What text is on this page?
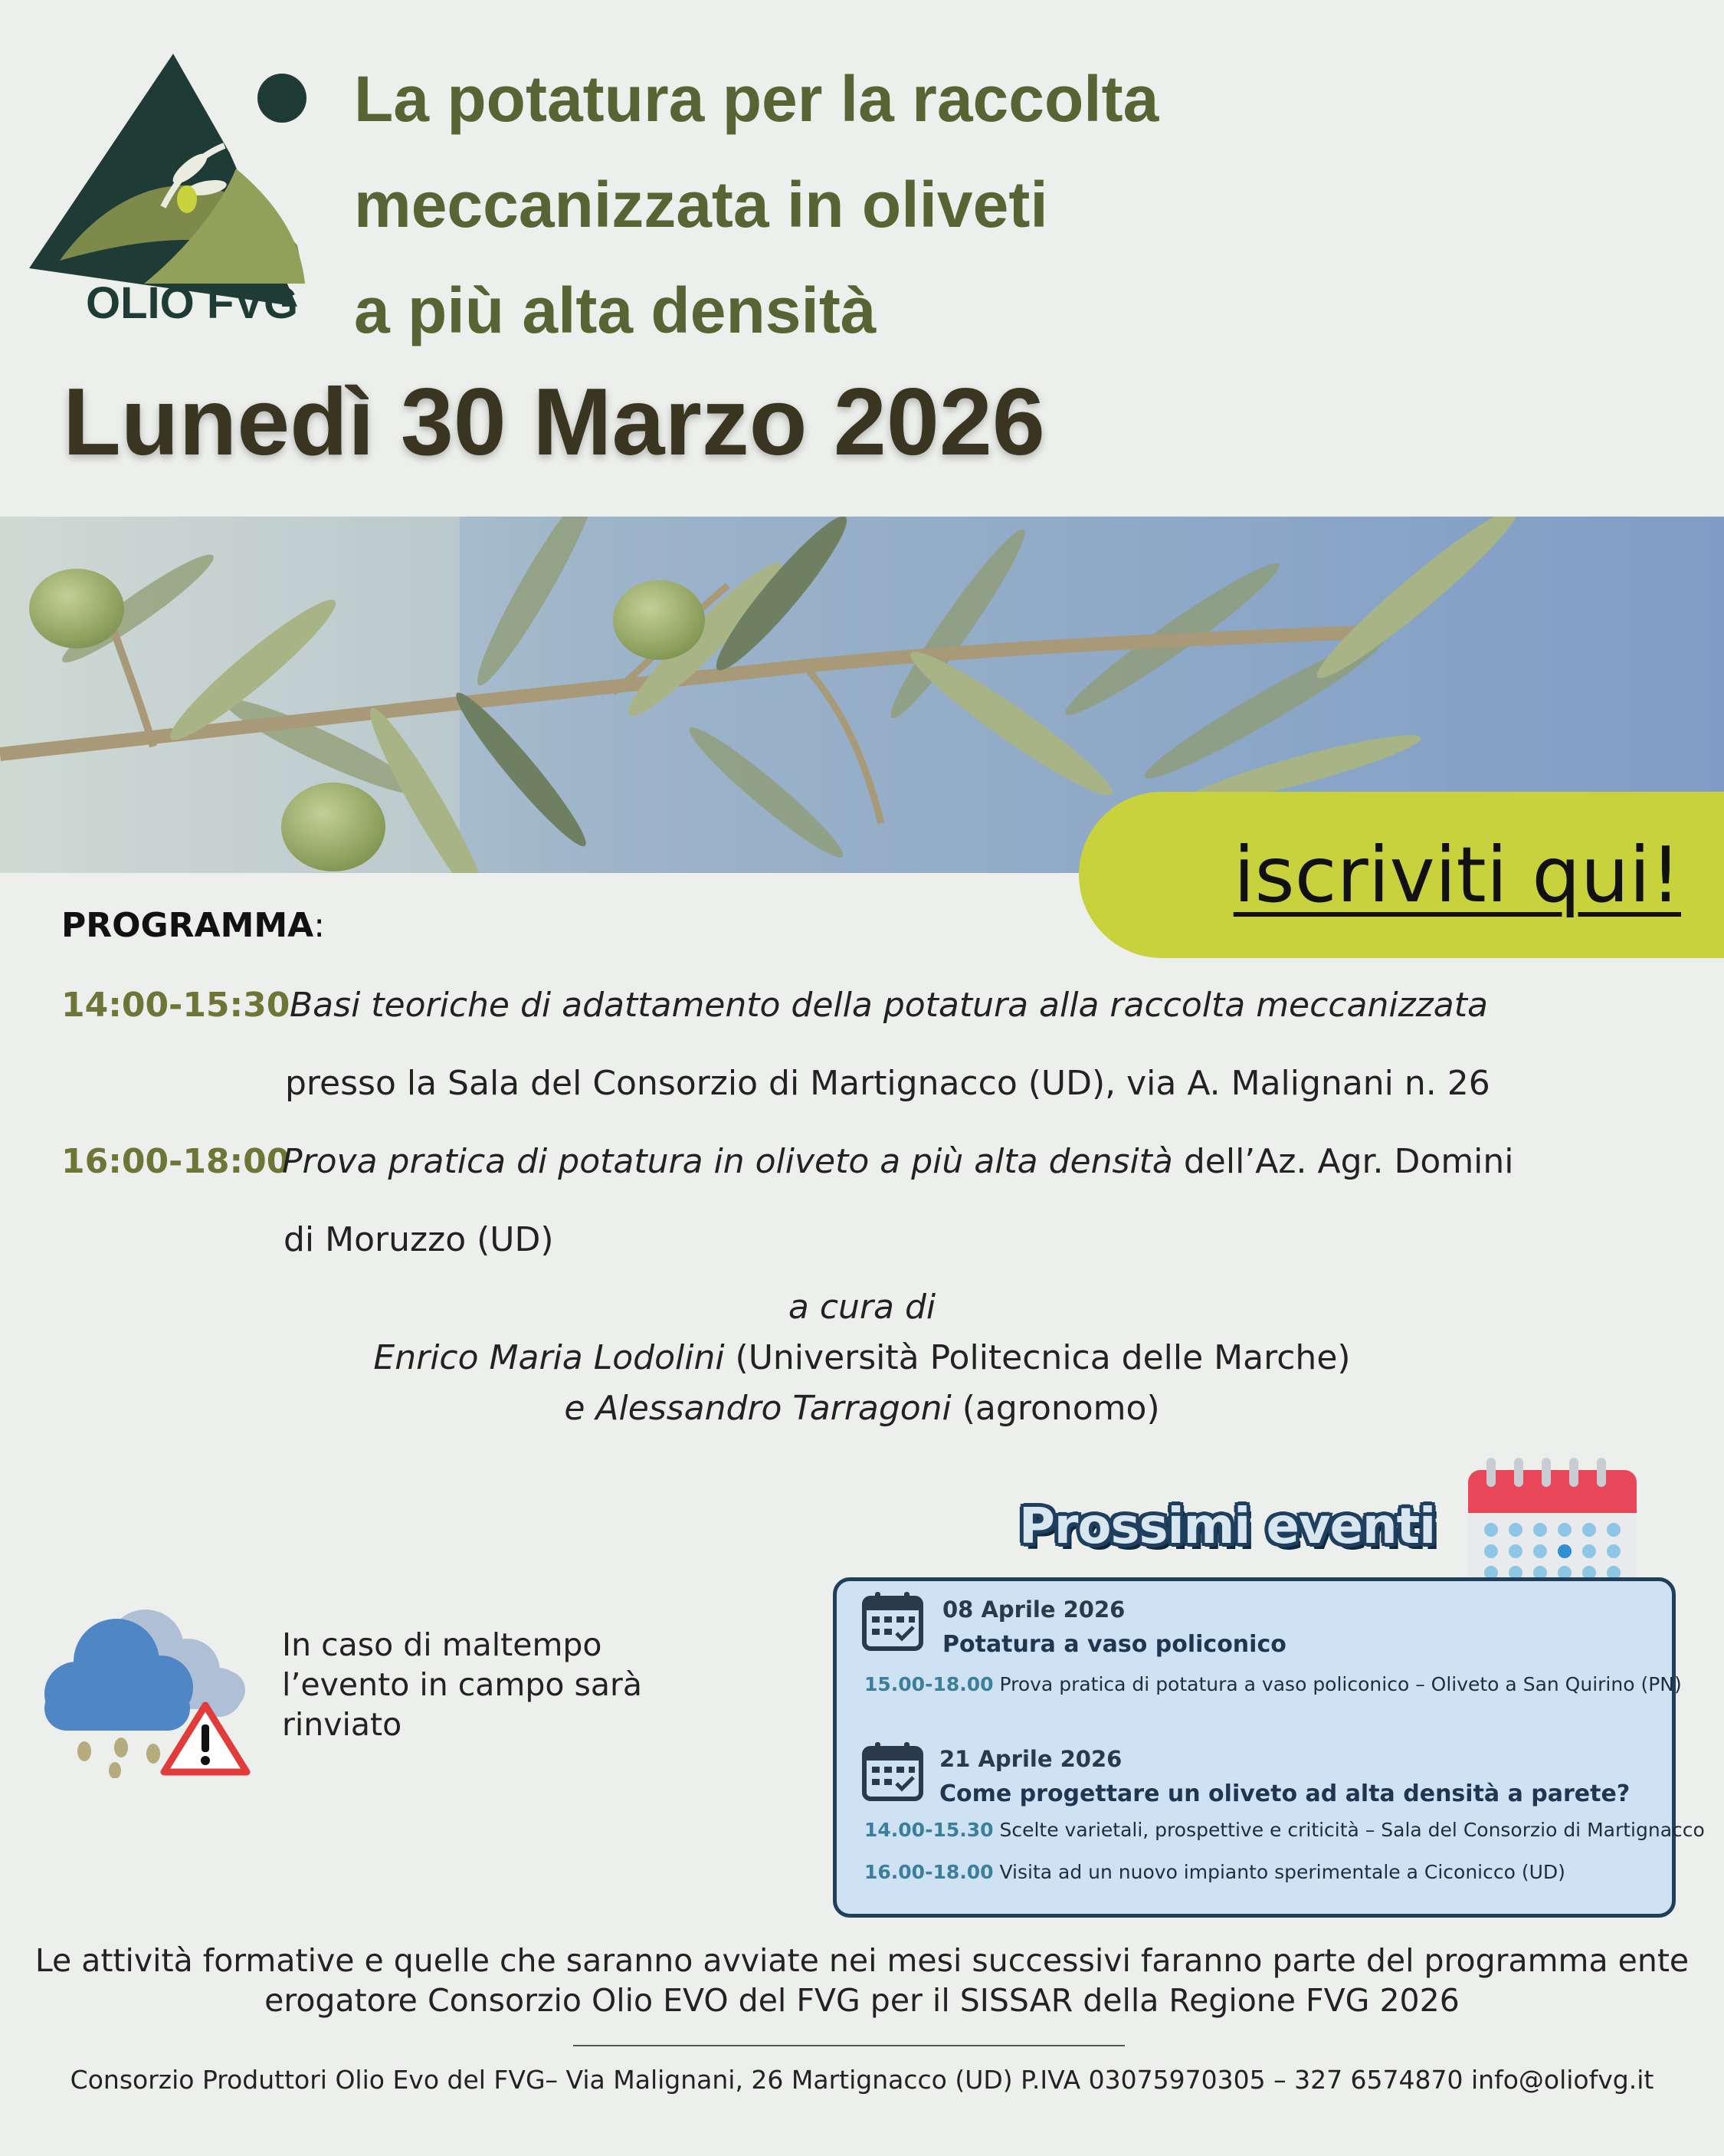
OLIO FVG
La potatura per la raccolta
meccanizzata in oliveti
a più alta densità
Lunedì 30 Marzo 2026
iscriviti qui!
PROGRAMMA:
14:00-15:30 Basi teoriche di adattamento della potatura alla raccolta meccanizzata
presso la Sala del Consorzio di Martignacco (UD), via A. Malignani n. 26
16:00-18:00
Prova pratica di potatura in oliveto a più alta densità dell’Az. Agr. Domini
di Moruzzo (UD)
a cura di
Enrico Maria Lodolini (Università Politecnica delle Marche)
e Alessandro Tarragoni (agronomo)
In caso di maltempo
l’evento in campo sarà
rinviato
Prossimi eventi
08 Aprile 2026
Potatura a vaso policonico
15.00-18.00 Prova pratica di potatura a vaso policonico – Oliveto a San Quirino (PN)
21 Aprile 2026
Come progettare un oliveto ad alta densità a parete?
14.00-15.30 Scelte varietali, prospettive e criticità – Sala del Consorzio di Martignacco
16.00-18.00 Visita ad un nuovo impianto sperimentale a Ciconicco (UD)
Le attività formative e quelle che saranno avviate nei mesi successivi faranno parte del programma ente
erogatore Consorzio Olio EVO del FVG per il SISSAR della Regione FVG 2026
Consorzio Produttori Olio Evo del FVG– Via Malignani, 26 Martignacco (UD) P.IVA 03075970305 – 327 6574870 info@oliofvg.it
